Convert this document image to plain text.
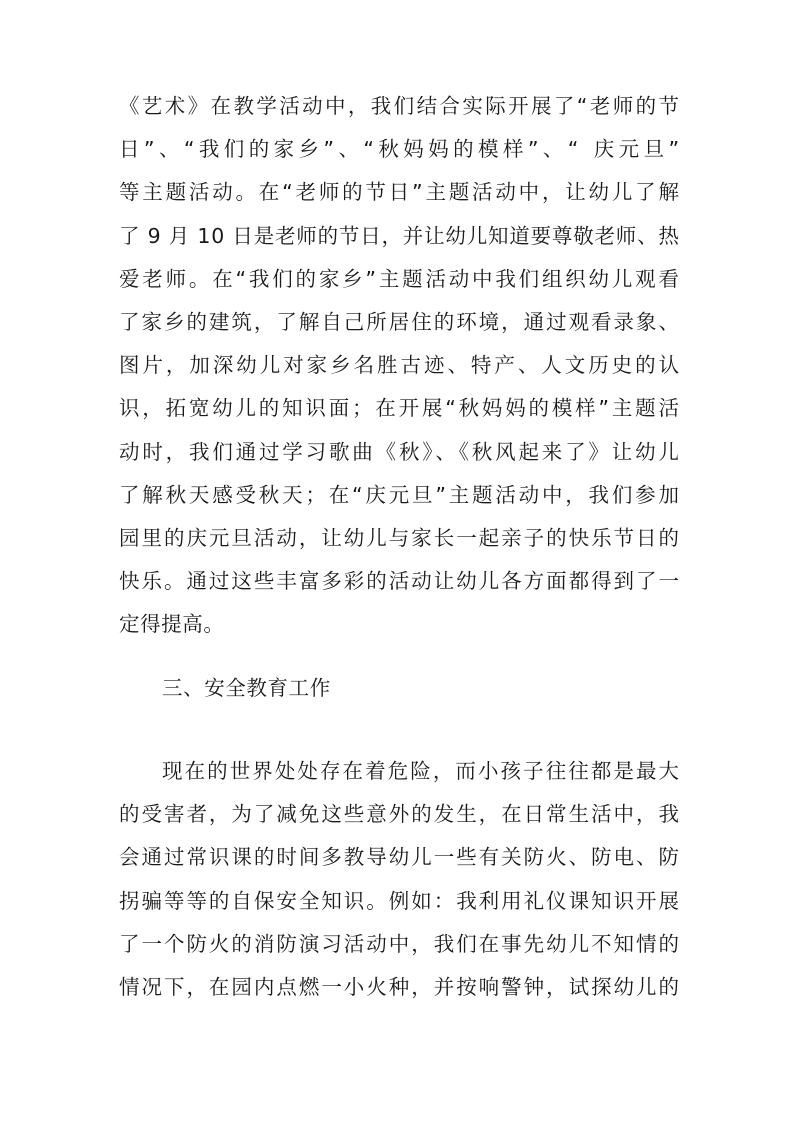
《艺术》在教学活动中，我们结合实际开展了“老师的节
日”、“我们的家乡”、“秋妈妈的模样”、“ 庆元旦”
等主题活动。在“老师的节日”主题活动中，让幼儿了解
了 9 月 10 日是老师的节日，并让幼儿知道要尊敬老师、热
爱老师。在“我们的家乡”主题活动中我们组织幼儿观看
了家乡的建筑，了解自己所居住的环境，通过观看录象、
图片，加深幼儿对家乡名胜古迹、特产、人文历史的认
识，拓宽幼儿的知识面；在开展“秋妈妈的模样”主题活
动时，我们通过学习歌曲《秋》、《秋风起来了》让幼儿
了解秋天感受秋天；在“庆元旦”主题活动中，我们参加
园里的庆元旦活动，让幼儿与家长一起亲子的快乐节日的
快乐。通过这些丰富多彩的活动让幼儿各方面都得到了一
定得提高。
三、安全教育工作
现在的世界处处存在着危险，而小孩子往往都是最大
的受害者，为了减免这些意外的发生，在日常生活中，我
会通过常识课的时间多教导幼儿一些有关防火、防电、防
拐骗等等的自保安全知识。例如：我利用礼仪课知识开展
了一个防火的消防演习活动中，我们在事先幼儿不知情的
情况下，在园内点燃一小火种，并按响警钟，试探幼儿的
